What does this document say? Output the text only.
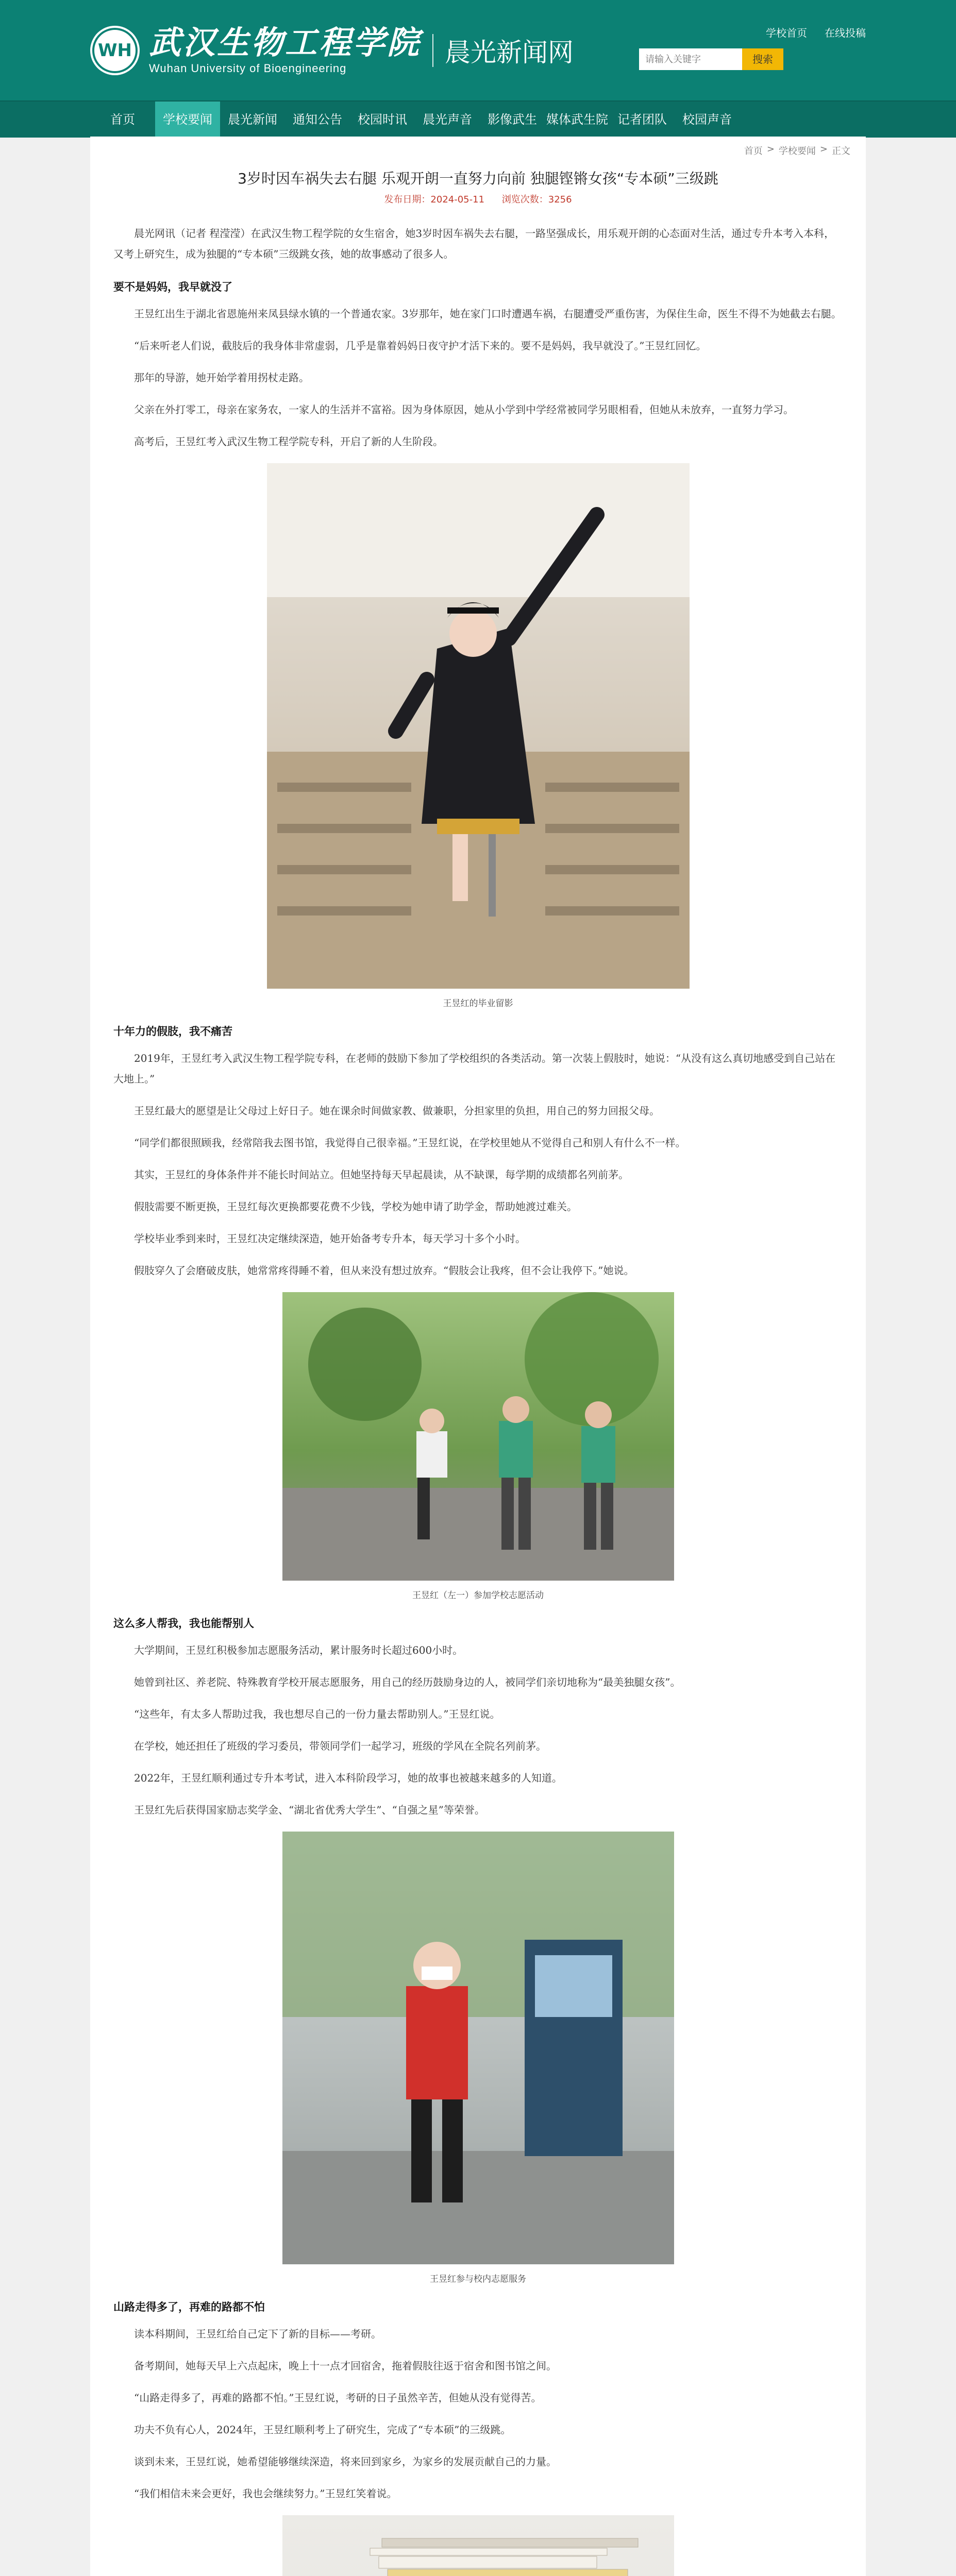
WH 武汉生物工程学院
Wuhan University of Bioengineering
晨光新闻网
学校首页 在线投稿
请输入关键字
搜索
首页	学校要闻	晨光新闻	通知公告	校园时讯	晨光声音	影像武生 媒体武生院 记者团队	校园声音
首页 > 学校要闻 > 正文
3岁时因车祸失去右腿 乐观开朗一直努力向前 独腿铿锵女孩“专本硕”三级跳
发布日期：2024-05-11 浏览次数：3256

晨光网讯（记者 程滢滢）在武汉生物工程学院的女生宿舍，她3岁时因车祸失去右腿，一路坚强成长，用乐观开朗的心态面对生活，通过专升本考入本科，又考上研究生，成为独腿的“专本硕”三级跳女孩，她的故事感动了很多人。

要不是妈妈，我早就没了

王昱红出生于湖北省恩施州来凤县绿水镇的一个普通农家。3岁那年，她在家门口时遭遇车祸，右腿遭受严重伤害，为保住生命，医生不得不为她截去右腿。

“后来听老人们说，截肢后的我身体非常虚弱，几乎是靠着妈妈日夜守护才活下来的。要不是妈妈，我早就没了。”王昱红回忆。

那年的导游，她开始学着用拐杖走路。

父亲在外打零工，母亲在家务农，一家人的生活并不富裕。因为身体原因，她从小学到中学经常被同学另眼相看，但她从未放弃，一直努力学习。

高考后，王昱红考入武汉生物工程学院专科，开启了新的人生阶段。

王昱红的毕业留影
十年力的假肢，我不痛苦

2019年，王昱红考入武汉生物工程学院专科，在老师的鼓励下参加了学校组织的各类活动。第一次装上假肢时，她说：“从没有这么真切地感受到自己站在大地上。”

王昱红最大的愿望是让父母过上好日子。她在课余时间做家教、做兼职，分担家里的负担，用自己的努力回报父母。

“同学们都很照顾我，经常陪我去图书馆，我觉得自己很幸福。”王昱红说，在学校里她从不觉得自己和别人有什么不一样。

其实，王昱红的身体条件并不能长时间站立。但她坚持每天早起晨读，从不缺课，每学期的成绩都名列前茅。

假肢需要不断更换，王昱红每次更换都要花费不少钱，学校为她申请了助学金，帮助她渡过难关。

学校毕业季到来时，王昱红决定继续深造，她开始备考专升本，每天学习十多个小时。

假肢穿久了会磨破皮肤，她常常疼得睡不着，但从来没有想过放弃。“假肢会让我疼，但不会让我停下。”她说。

王昱红（左一）参加学校志愿活动
这么多人帮我，我也能帮别人

大学期间，王昱红积极参加志愿服务活动，累计服务时长超过600小时。

她曾到社区、养老院、特殊教育学校开展志愿服务，用自己的经历鼓励身边的人，被同学们亲切地称为“最美独腿女孩”。

“这些年，有太多人帮助过我，我也想尽自己的一份力量去帮助别人。”王昱红说。

在学校，她还担任了班级的学习委员，带领同学们一起学习，班级的学风在全院名列前茅。

2022年，王昱红顺利通过专升本考试，进入本科阶段学习，她的故事也被越来越多的人知道。

王昱红先后获得国家励志奖学金、“湖北省优秀大学生”、“自强之星”等荣誉。

王昱红参与校内志愿服务
山路走得多了，再难的路都不怕

读本科期间，王昱红给自己定下了新的目标——考研。

备考期间，她每天早上六点起床，晚上十一点才回宿舍，拖着假肢往返于宿舍和图书馆之间。

“山路走得多了，再难的路都不怕。”王昱红说，考研的日子虽然辛苦，但她从没有觉得苦。

功夫不负有心人，2024年，王昱红顺利考上了研究生，完成了“专本硕”的三级跳。

谈到未来，王昱红说，她希望能够继续深造，将来回到家乡，为家乡的发展贡献自己的力量。

“我们相信未来会更好，我也会继续努力。”王昱红笑着说。
